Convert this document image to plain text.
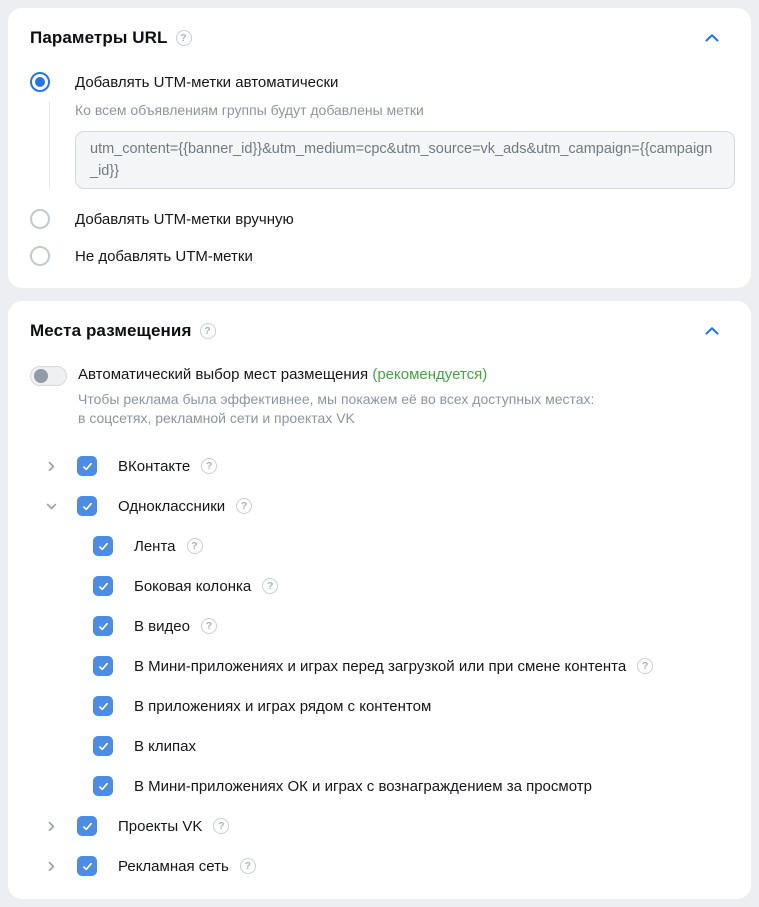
Параметры URL	?
Добавлять UTM-метки автоматически
Ко всем объявлениям группы будут добавлены метки
utm_content={{banner_id}}&utm_medium=cpc&utm_source=vk_ads&utm_campaign={{campaign_id}}
Добавлять UTM-метки вручную
Не добавлять UTM-метки
Места размещения	?
Автоматический выбор мест размещения (рекомендуется)
Чтобы реклама была эффективнее, мы покажем её во всех доступных местах:
в соцсетях, рекламной сети и проектах VK
ВКонтакте	?
Одноклассники	?
Лента	?
Боковая колонка	?
В видео	?
В Мини-приложениях и играх перед загрузкой или при смене контента	?
В приложениях и играх рядом с контентом
В клипах
В Мини-приложениях ОК и играх с вознаграждением за просмотр
Проекты VK	?
Рекламная сеть	?
